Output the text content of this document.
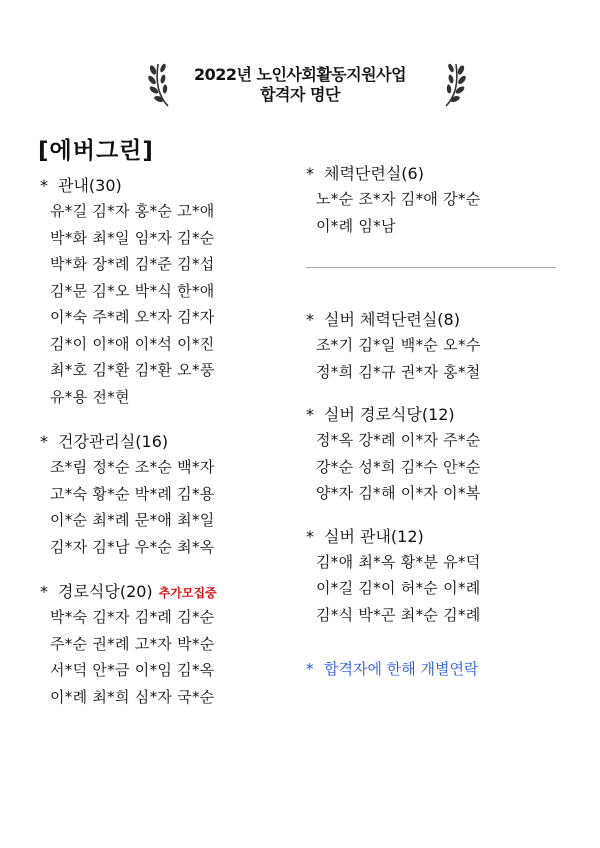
2022년 노인사회활동지원사업
합격자 명단
[에버그린]
* 관내(30)
유*길 김*자 홍*순 고*애
박*화 최*일 임*자 김*순
박*화 장*례 김*준 김*섭
김*문 김*오 박*식 한*애
이*숙 주*례 오*자 김*자
김*이 이*애 이*석 이*진
최*호 김*환 김*환 오*풍
유*용 전*현
* 건강관리실(16)
조*림 정*순 조*순 백*자
고*숙 황*순 박*례 김*용
이*순 최*례 문*애 최*일
김*자 김*남 우*순 최*옥
* 경로식당(20) 추가모집중
박*숙 김*자 김*례 김*순
주*순 권*례 고*자 박*순
서*덕 안*금 이*임 김*옥
이*례 최*희 심*자 국*순
* 체력단련실(6)
노*순 조*자 김*애 강*순
이*례 임*남
* 실버 체력단련실(8)
조*기 김*일 백*순 오*수
정*희 김*규 권*자 홍*철
* 실버 경로식당(12)
정*옥 강*례 이*자 주*순
강*순 성*희 김*수 안*순
양*자 김*해 이*자 이*복
* 실버 관내(12)
김*애 최*옥 황*분 유*덕
이*길 김*이 허*순 이*례
김*식 박*곤 최*순 김*례
* 합격자에 한해 개별연락
